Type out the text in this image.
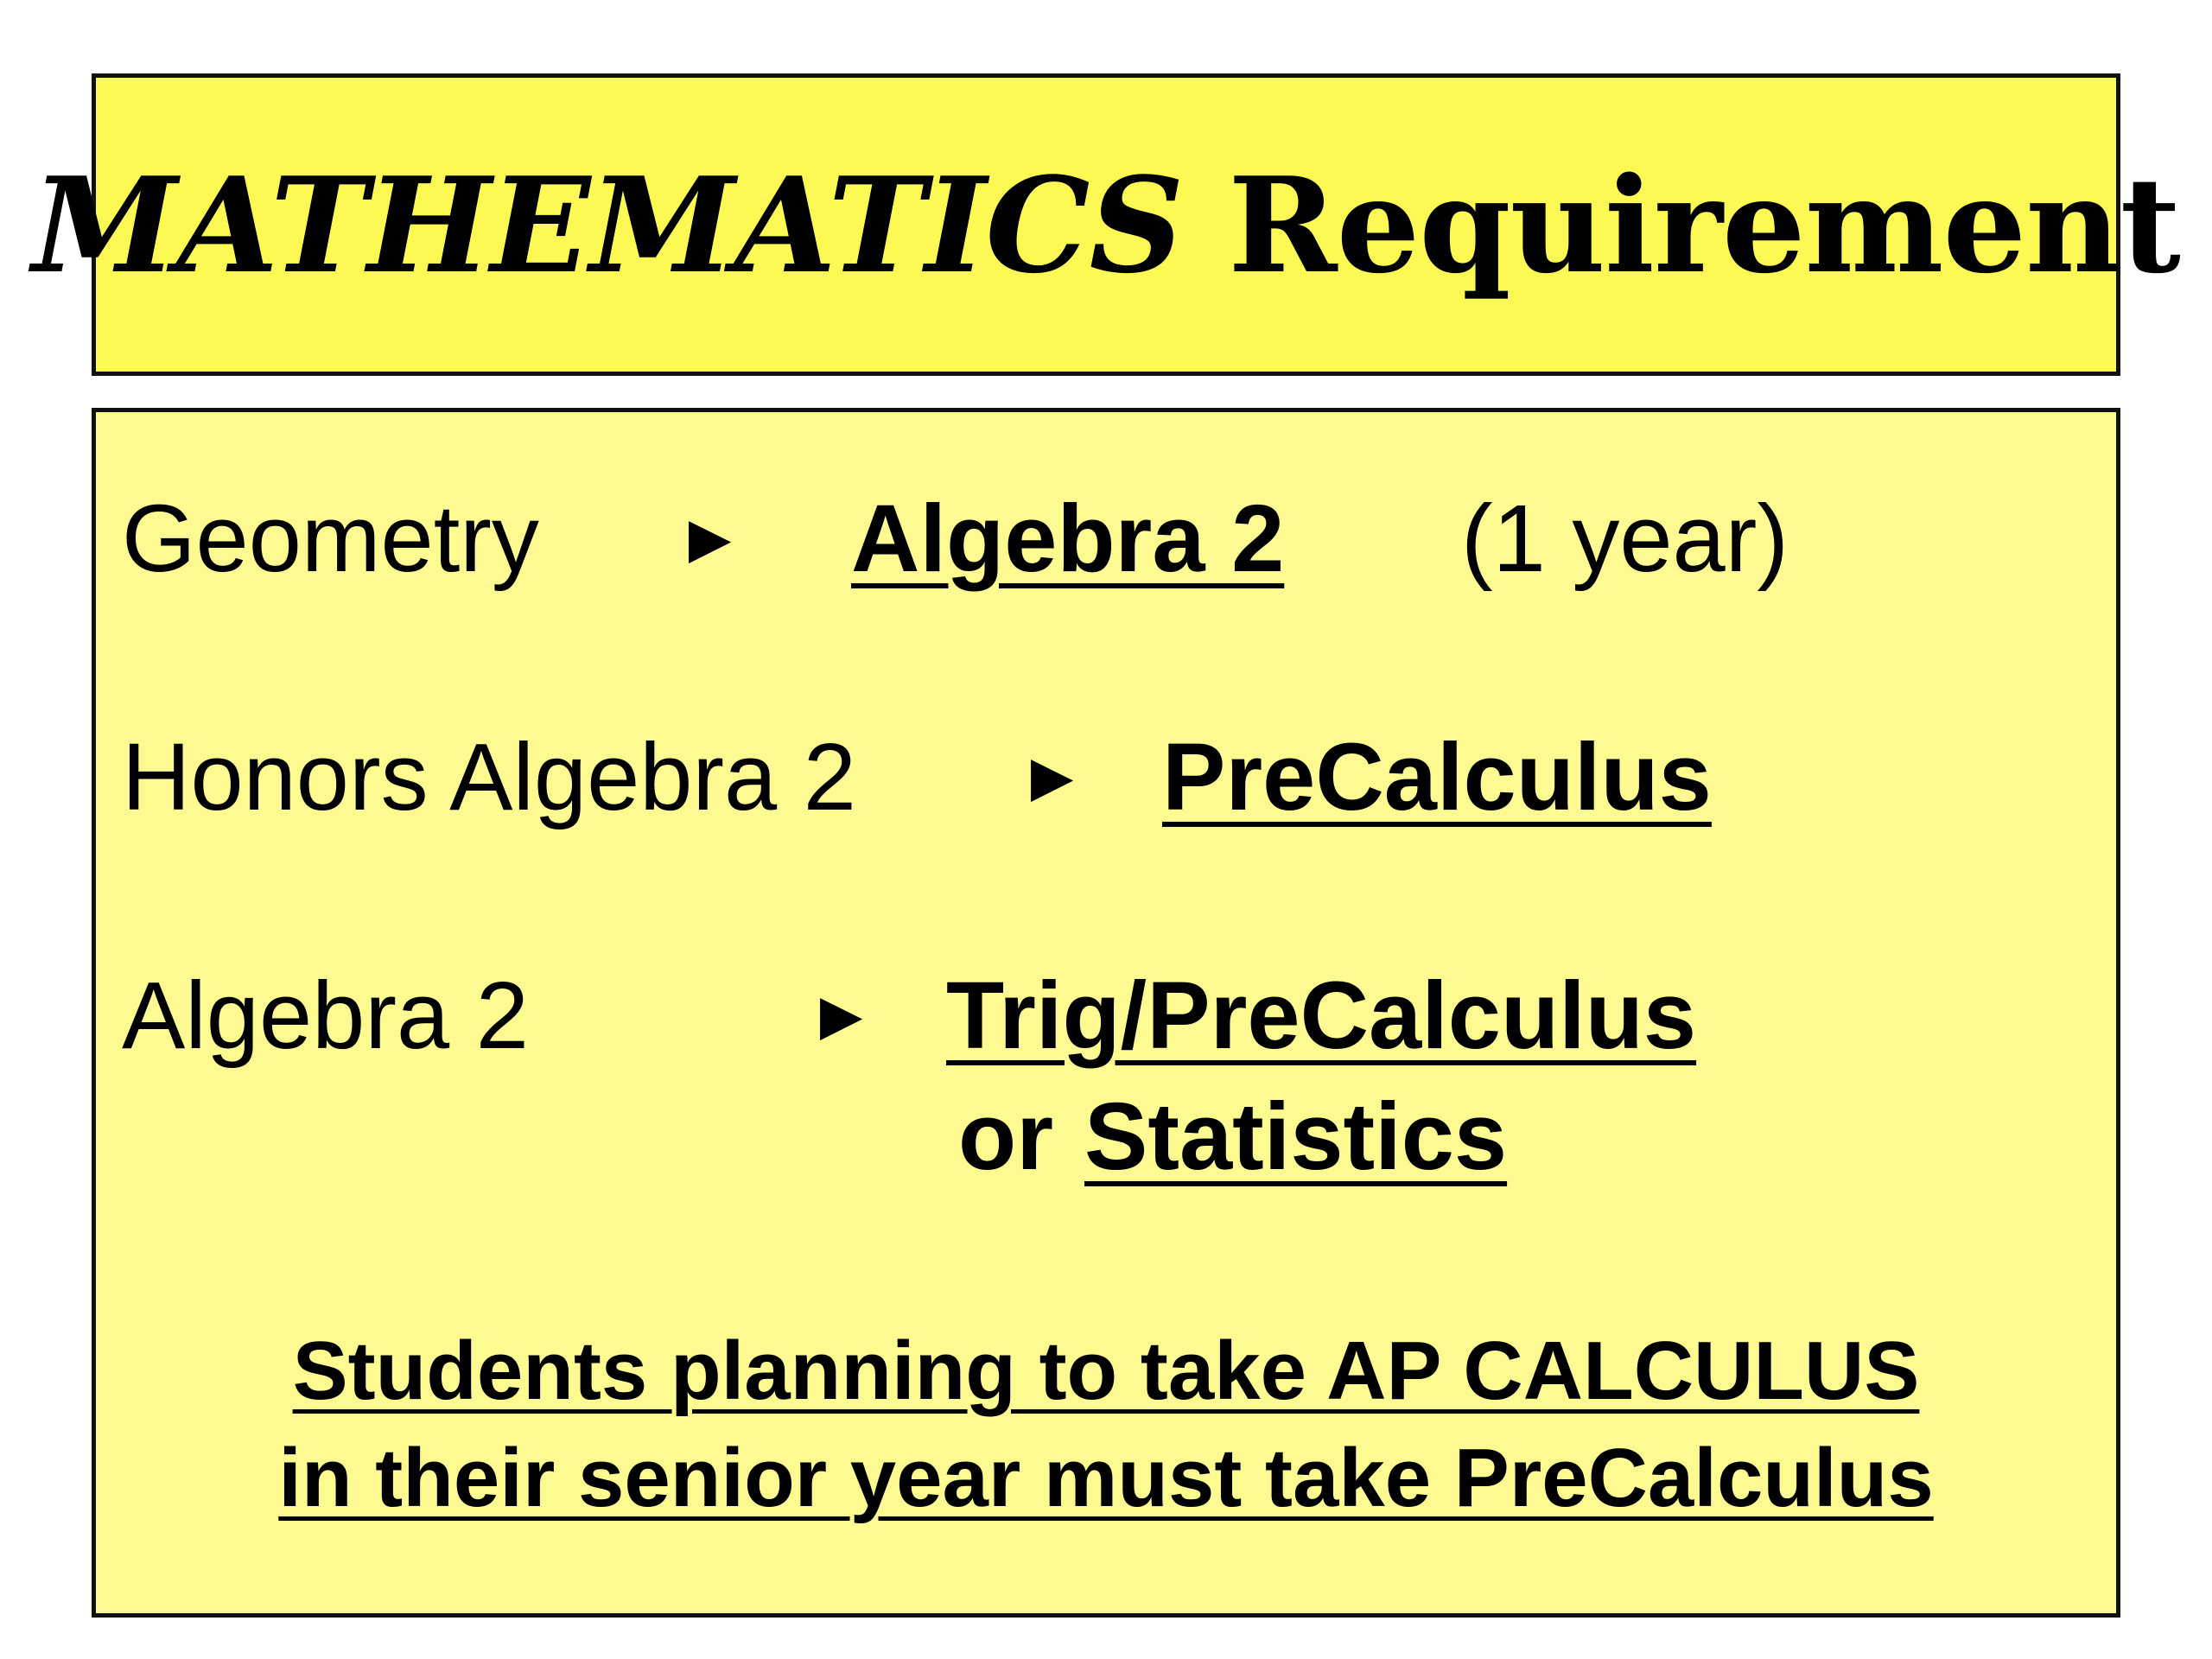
MATHEMATICS Requirement
Geometry ► Algebra 2 (1 year)
Honors Algebra 2 ► PreCalculus
Algebra 2	► Trig/PreCalculus
or Statistics
Students planning to take AP CALCULUS
in their senior year must take PreCalculus
